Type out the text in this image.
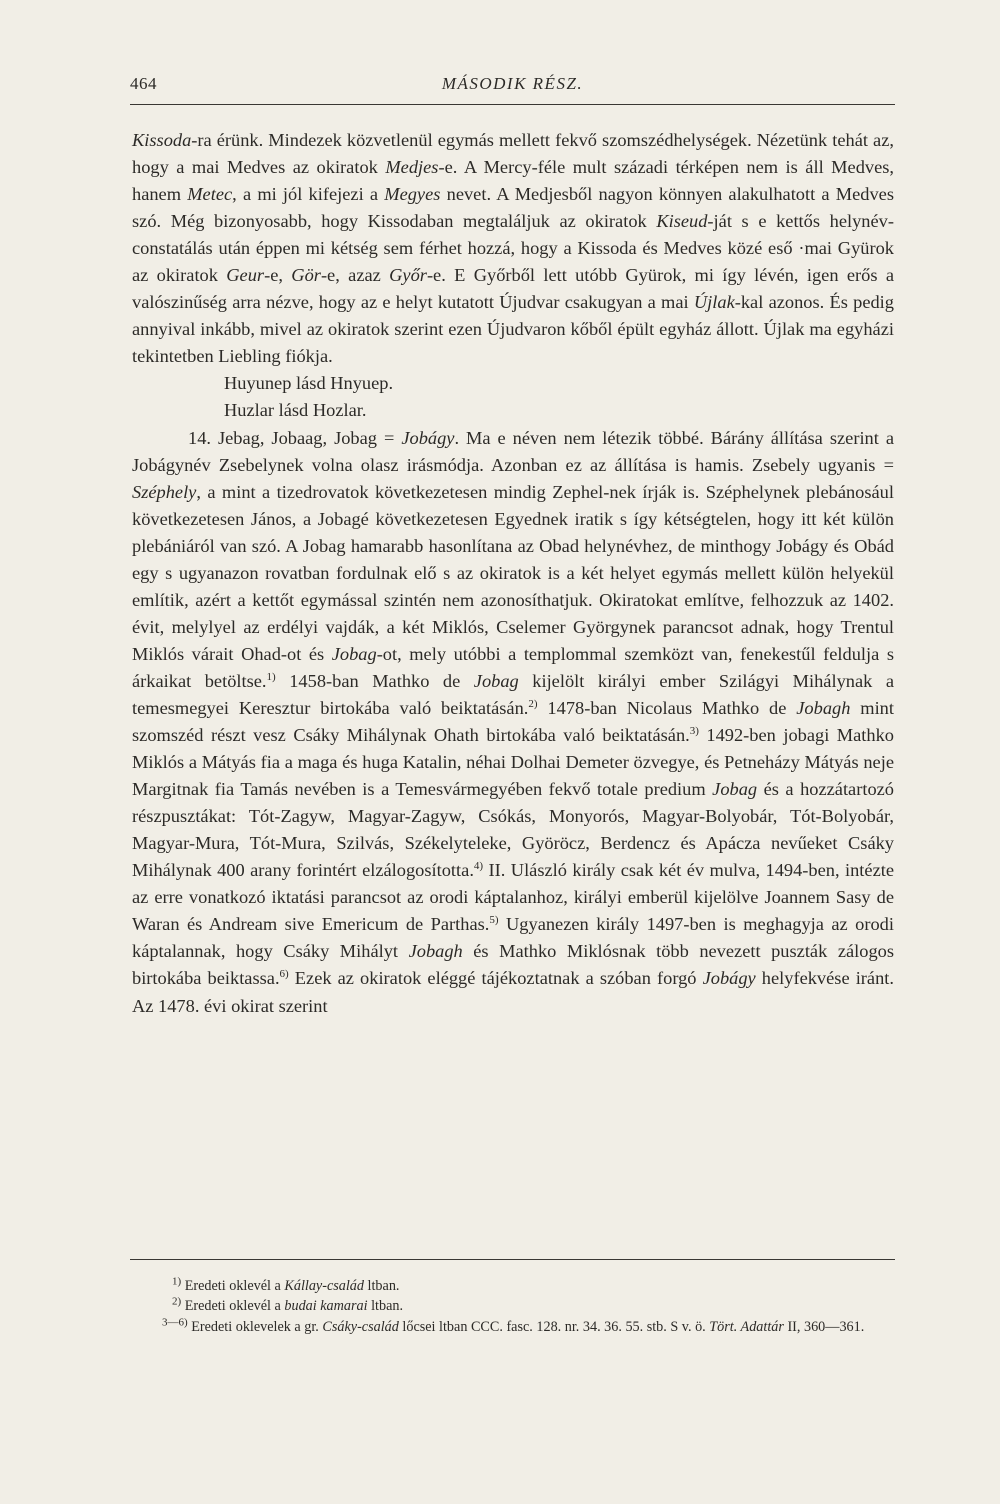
464	MÁSODIK RÉSZ.

Kissoda-ra érünk. Mindezek közvetlenül egymás mellett fekvő szomszédhelységek. Nézetünk tehát az, hogy a mai Medves az okiratok Medjes-e. A Mercy-féle mult századi térképen nem is áll Medves, hanem Metec, a mi jól kifejezi a Megyes nevet. A Medjesből nagyon könnyen alakulhatott a Medves szó. Még bizonyosabb, hogy Kissodaban megtaláljuk az okiratok Kiseud-ját s e kettős helynév-constatálás után éppen mi kétség sem férhet hozzá, hogy a Kissoda és Medves közé eső ·mai Gyürok az okiratok Geur-e, Gör-e, azaz Győr-e. E Győrből lett utóbb Gyürok, mi így lévén, igen erős a valószinűség arra nézve, hogy az e helyt kutatott Újudvar csakugyan a mai Újlak-kal azonos. És pedig annyival inkább, mivel az okiratok szerint ezen Újudvaron kőből épült egyház állott. Újlak ma egyházi tekintetben Liebling fiókja.

Huyunep lásd Hnyuep.

Huzlar lásd Hozlar.

14. Jebag, Jobaag, Jobag = Jobágy. Ma e néven nem létezik többé. Bárány állítása szerint a Jobágynév Zsebelynek volna olasz irásmódja. Azonban ez az állítása is hamis. Zsebely ugyanis = Széphely, a mint a tizedrovatok következetesen mindig Zephel-nek írják is. Széphelynek plebánosául következetesen János, a Jobagé következetesen Egyednek iratik s így kétségtelen, hogy itt két külön plebániáról van szó. A Jobag hamarabb hasonlítana az Obad helynévhez, de minthogy Jobágy és Obád egy s ugyanazon rovatban fordulnak elő s az okiratok is a két helyet egymás mellett külön helyekül említik, azért a kettőt egymással szintén nem azonosíthatjuk. Okiratokat említve, felhozzuk az 1402. évit, melylyel az erdélyi vajdák, a két Miklós, Cselemer Györgynek parancsot adnak, hogy Trentul Miklós várait Ohad-ot és Jobag-ot, mely utóbbi a templommal szemközt van, fenekestűl feldulja s árkaikat betöltse.$^{1)}$ 1458-ban Mathko de Jobag kijelölt királyi ember Szilágyi Mihálynak a temesmegyei Keresztur birtokába való beiktatásán.$^{2)}$ 1478-ban Nicolaus Mathko de Jobagh mint szomszéd részt vesz Csáky Mihálynak Ohath birtokába való beiktatásán.$^{3)}$ 1492-ben jobagi Mathko Miklós a Mátyás fia a maga és huga Katalin, néhai Dolhai Demeter özvegye, és Petneházy Mátyás neje Margitnak fia Tamás nevében is a Temesvármegyében fekvő totale predium Jobag és a hozzátartozó részpusztákat: Tót-Zagyw, Magyar-Zagyw, Csókás, Monyorós, Magyar-Bolyobár, Tót-Bolyobár, Magyar-Mura, Tót-Mura, Szilvás, Székelyteleke, Györöcz, Berdencz és Apácza nevűeket Csáky Mihálynak 400 arany forintért elzálogosította.$^{4)}$ II. Ulászló király csak két év mulva, 1494-ben, intézte az erre vonatkozó iktatási parancsot az orodi káptalanhoz, királyi emberül kijelölve Joannem Sasy de Waran és Andream sive Emericum de Parthas.$^{5)}$ Ugyanezen király 1497-ben is meghagyja az orodi káptalannak, hogy Csáky Mihályt Jobagh és Mathko Miklósnak több nevezett puszták zálogos birtokába beiktassa.$^{6)}$ Ezek az okiratok eléggé tájékoztatnak a szóban forgó Jobágy helyfekvése iránt. Az 1478. évi okirat szerint

$^{1)}$ Eredeti oklevél a Kállay-család ltban.

$^{2)}$ Eredeti oklevél a budai kamarai ltban.

$^{3—6)}$ Eredeti oklevelek a gr. Csáky-család lőcsei ltban CCC. fasc. 128. nr. 34. 36. 55. stb. S v. ö. Tört. Adattár II, 360—361.
